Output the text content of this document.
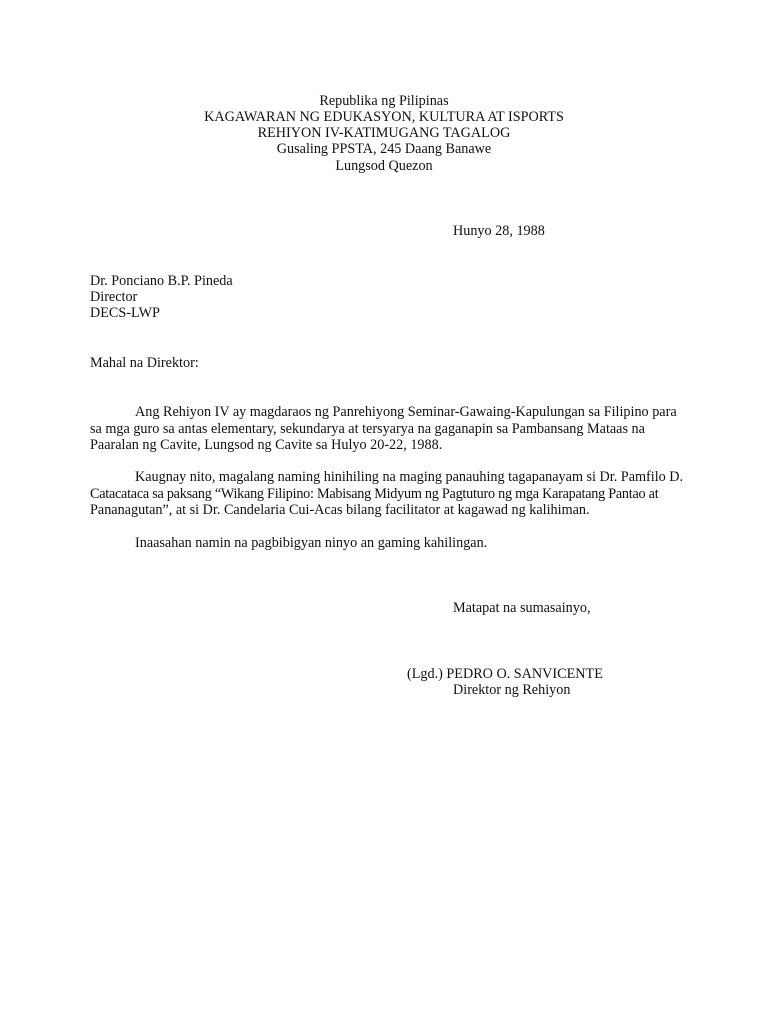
Republika ng Pilipinas
KAGAWARAN NG EDUKASYON, KULTURA AT ISPORTS
REHIYON IV-KATIMUGANG TAGALOG
Gusaling PPSTA, 245 Daang Banawe
Lungsod Quezon
Hunyo 28, 1988
Dr. Ponciano B.P. Pineda
Director
DECS-LWP
Mahal na Direktor:
Ang Rehiyon IV ay magdaraos ng Panrehiyong Seminar-Gawaing-Kapulungan sa Filipino para
sa mga guro sa antas elementary, sekundarya at tersyarya na gaganapin sa Pambansang Mataas na
Paaralan ng Cavite, Lungsod ng Cavite sa Hulyo 20-22, 1988.
Kaugnay nito, magalang naming hinihiling na maging panauhing tagapanayam si Dr. Pamfilo D.
Catacataca sa paksang “Wikang Filipino: Mabisang Midyum ng Pagtuturo ng mga Karapatang Pantao at
Pananagutan”, at si Dr. Candelaria Cui-Acas bilang facilitator at kagawad ng kalihiman.
Inaasahan namin na pagbibigyan ninyo an gaming kahilingan.
Matapat na sumasainyo,
(Lgd.) PEDRO O. SANVICENTE
Direktor ng Rehiyon
